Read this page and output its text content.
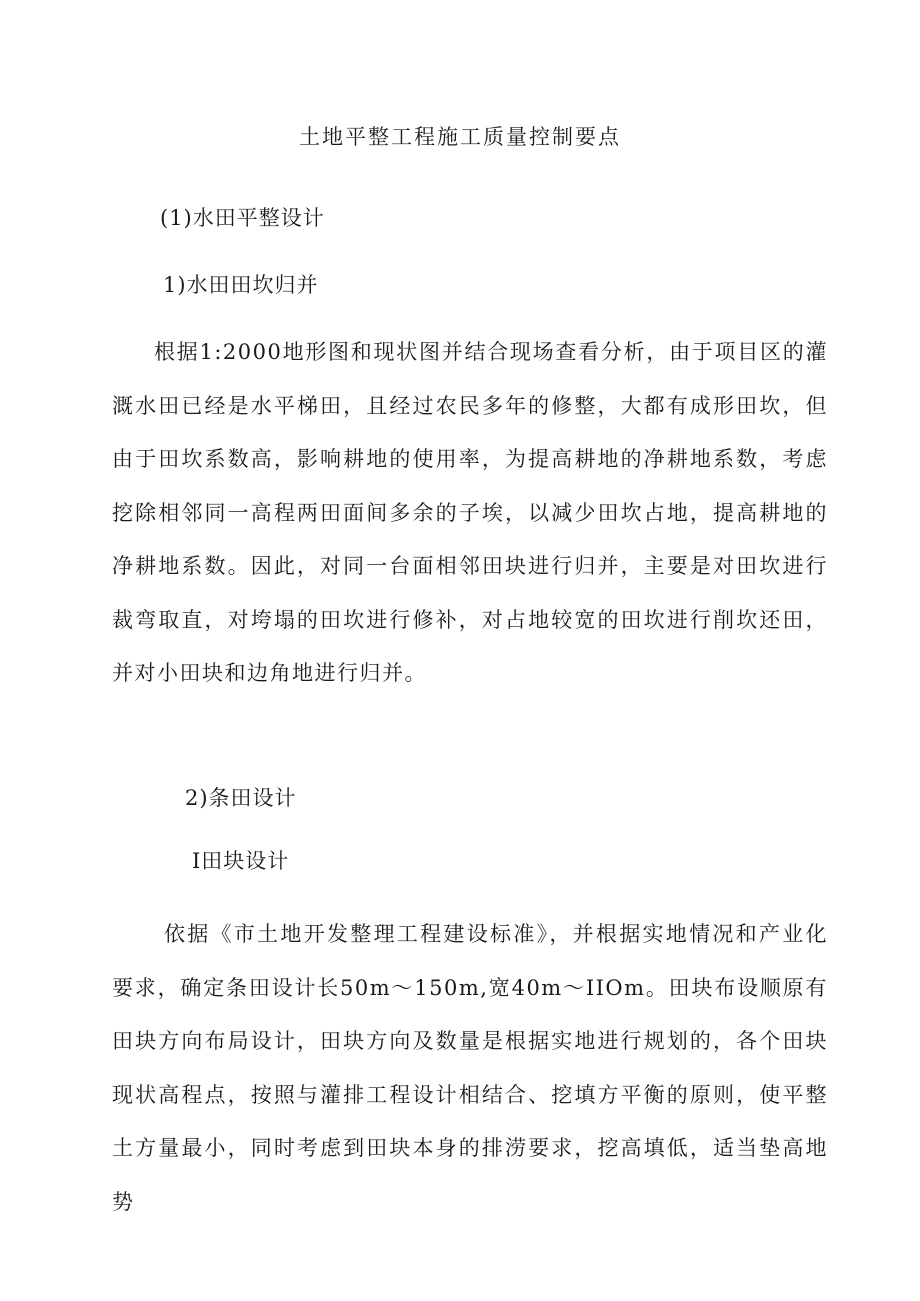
土地平整工程施工质量控制要点
(1)水田平整设计
1)水田田坎归并

根据1:2000地形图和现状图并结合现场查看分析，由于项目区的灌溉水田已经是水平梯田，且经过农民多年的修整，大都有成形田坎，但由于田坎系数高，影响耕地的使用率，为提高耕地的净耕地系数，考虑挖除相邻同一高程两田面间多余的子埃，以减少田坎占地，提高耕地的净耕地系数。因此，对同一台面相邻田块进行归并，主要是对田坎进行裁弯取直，对垮塌的田坎进行修补，对占地较宽的田坎进行削坎还田，并对小田块和边角地进行归并。

2)条田设计
I田块设计

依据《市土地开发整理工程建设标准》，并根据实地情况和产业化要求，确定条田设计长50m～150m,宽40m～IIOm。田块布设顺原有田块方向布局设计，田块方向及数量是根据实地进行规划的，各个田块现状高程点，按照与灌排工程设计相结合、挖填方平衡的原则，使平整土方量最小，同时考虑到田块本身的排涝要求，挖高填低，适当垫高地势
